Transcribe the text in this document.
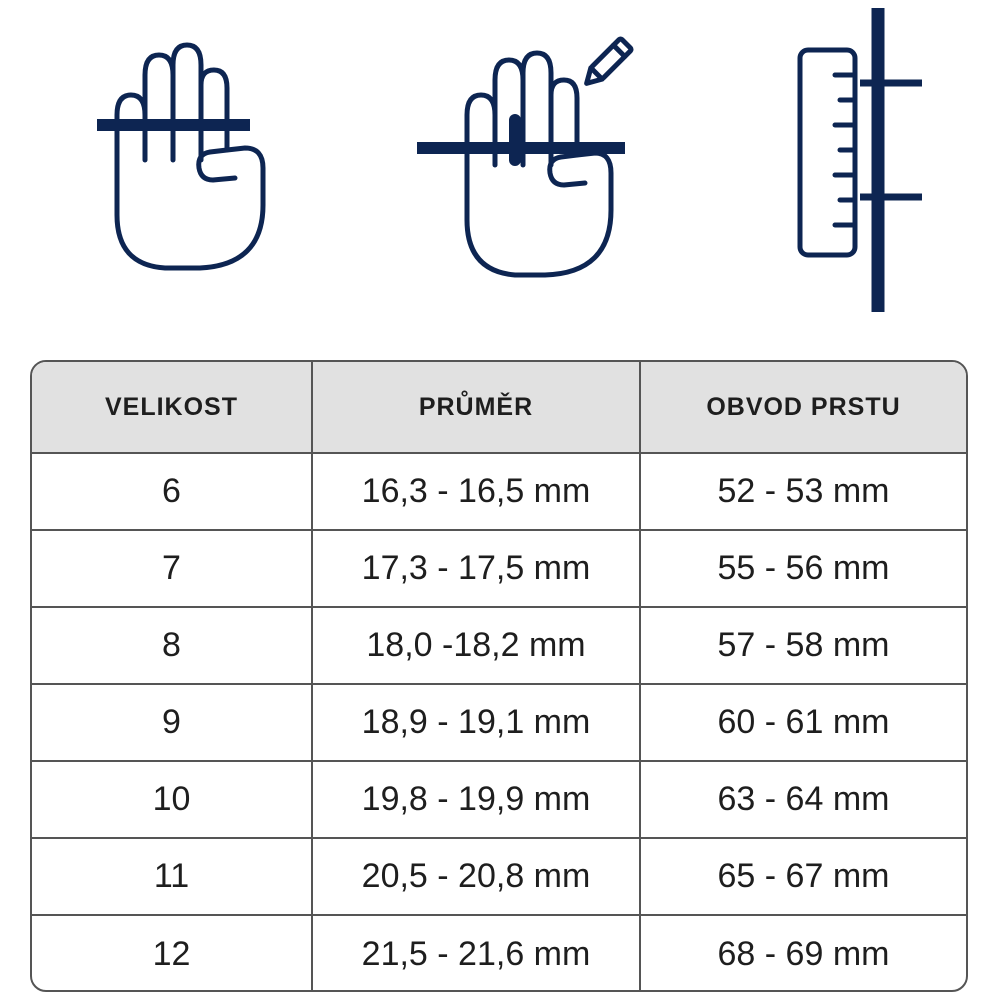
VELIKOST	PRŮMĚR	OBVOD PRSTU
6	16,3 - 16,5 mm	52 - 53 mm
7	17,3 - 17,5 mm	55 - 56 mm
8	18,0 -18,2 mm	57 - 58 mm
9	18,9 - 19,1 mm	60 - 61 mm
10	19,8 - 19,9 mm	63 - 64 mm
11	20,5 - 20,8 mm	65 - 67 mm
12	21,5 - 21,6 mm	68 - 69 mm
